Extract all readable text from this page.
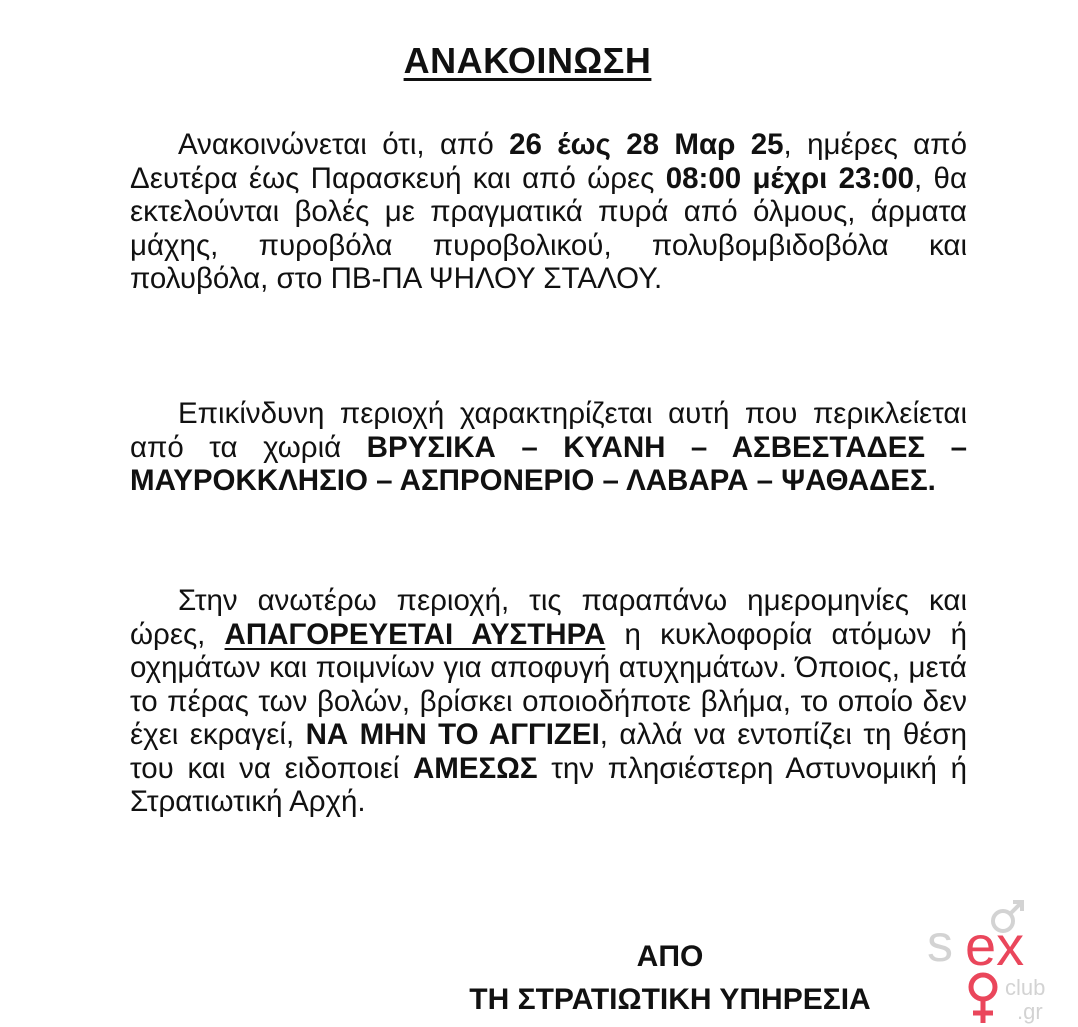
ΑΝΑΚΟΙΝΩΣΗ

Ανακοινώνεται ότι, από 26 έως 28 Μαρ 25, ημέρες από Δευτέρα έως Παρασκευή και από ώρες 08:00 μέχρι 23:00, θα εκτελούνται βολές με πραγματικά πυρά από όλμους, άρματα μάχης, πυροβόλα πυροβολικού, πολυβομβιδοβόλα και πολυβόλα, στο ΠΒ-ΠΑ ΨΗΛΟΥ ΣΤΑΛΟΥ.

Επικίνδυνη περιοχή χαρακτηρίζεται αυτή που περικλείεται από τα χωριά ΒΡΥΣΙΚΑ – ΚΥΑΝΗ – ΑΣΒΕΣΤΑΔΕΣ – ΜΑΥΡΟΚΚΛΗΣΙΟ – ΑΣΠΡΟΝΕΡΙΟ – ΛΑΒΑΡΑ – ΨΑΘΑΔΕΣ.

Στην ανωτέρω περιοχή, τις παραπάνω ημερομηνίες και ώρες, ΑΠΑΓΟΡΕΥΕΤΑΙ ΑΥΣΤΗΡΑ η κυκλοφορία ατόμων ή οχημάτων και ποιμνίων για αποφυγή ατυχημάτων. Όποιος, μετά το πέρας των βολών, βρίσκει οποιοδήποτε βλήμα, το οποίο δεν έχει εκραγεί, ΝΑ ΜΗΝ ΤΟ ΑΓΓΙΖΕΙ, αλλά να εντοπίζει τη θέση του και να ειδοποιεί ΑΜΕΣΩΣ την πλησιέστερη Αστυνομική ή Στρατιωτική Αρχή.

ΑΠΟ
ΤΗ ΣΤΡΑΤΙΩΤΙΚΗ ΥΠΗΡΕΣΙΑ
s ex
club
.gr
